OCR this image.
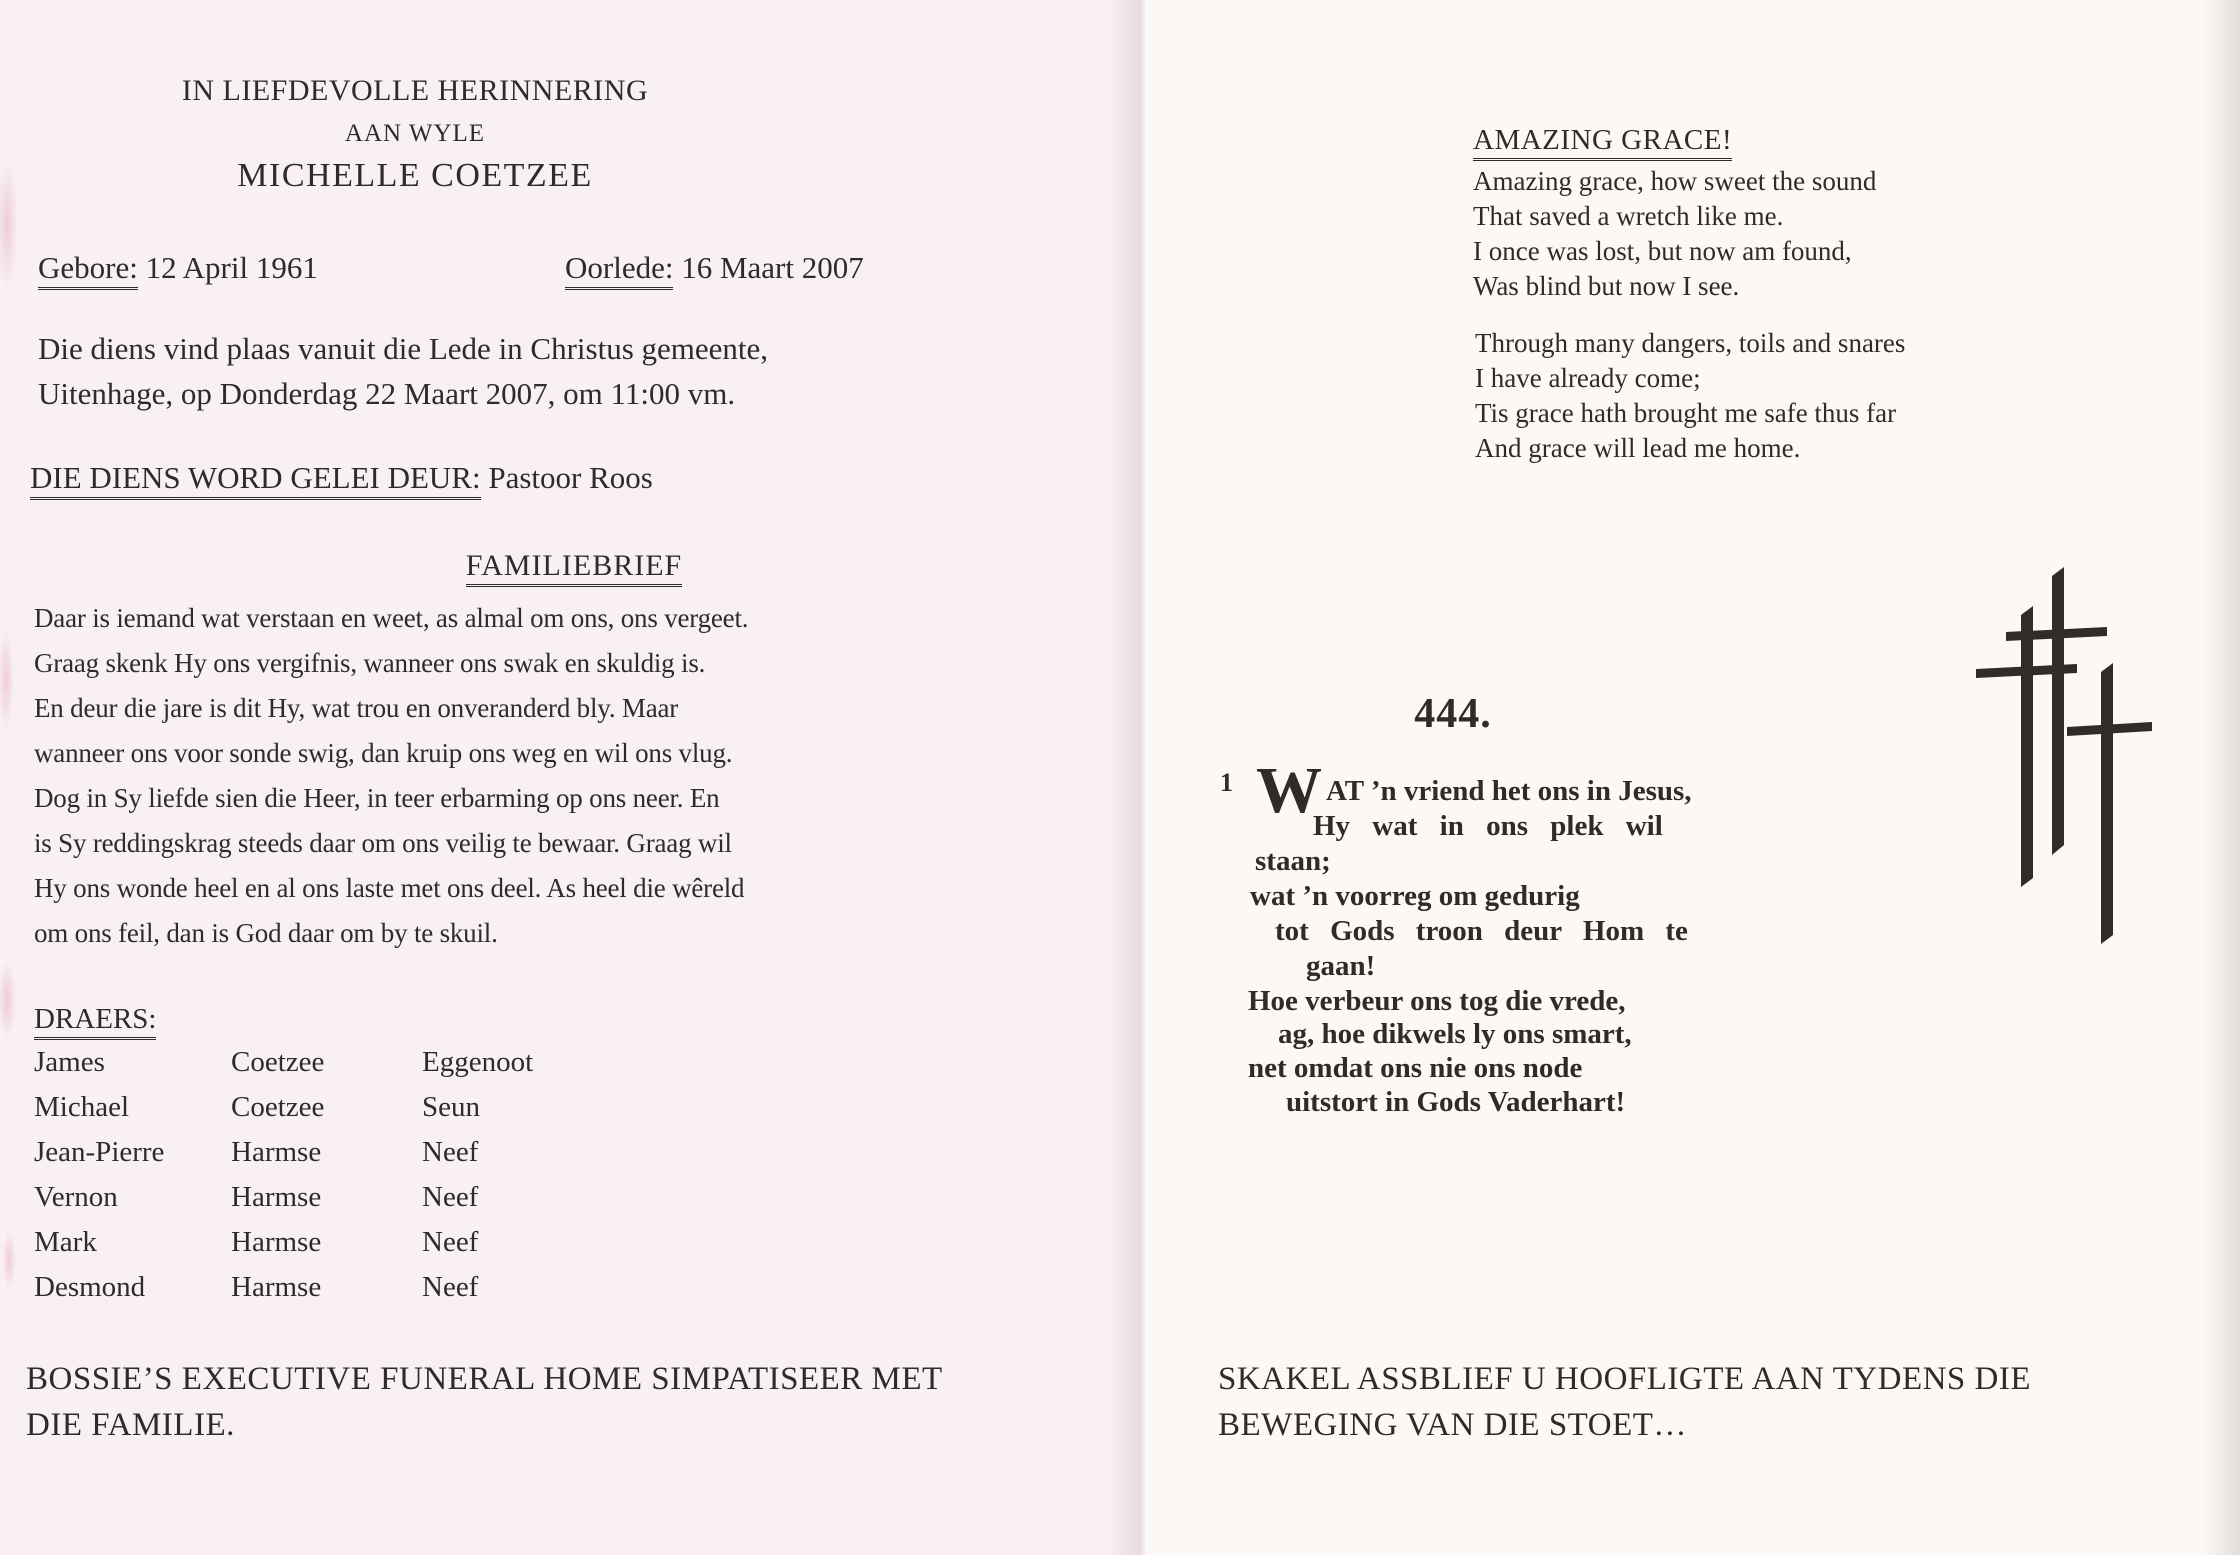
IN LIEFDEVOLLE HERINNERING
AAN WYLE
MICHELLE COETZEE
Gebore: 12 April 1961	Oorlede: 16 Maart 2007
Die diens vind plaas vanuit die Lede in Christus gemeente,
Uitenhage, op Donderdag 22 Maart 2007, om 11:00 vm.
DIE DIENS WORD GELEI DEUR: Pastoor Roos
FAMILIEBRIEF
Daar is iemand wat verstaan en weet, as almal om ons, ons vergeet.
Graag skenk Hy ons vergifnis, wanneer ons swak en skuldig is.
En deur die jare is dit Hy, wat trou en onveranderd bly. Maar
wanneer ons voor sonde swig, dan kruip ons weg en wil ons vlug.
Dog in Sy liefde sien die Heer, in teer erbarming op ons neer. En
is Sy reddingskrag steeds daar om ons veilig te bewaar. Graag wil
Hy ons wonde heel en al ons laste met ons deel. As heel die wêreld
om ons feil, dan is God daar om by te skuil.
DRAERS:
James	Coetzee	Eggenoot
Michael	Coetzee	Seun
Jean-Pierre	Harmse	Neef
Vernon	Harmse	Neef
Mark	Harmse	Neef
Desmond	Harmse	Neef
BOSSIE’S EXECUTIVE FUNERAL HOME SIMPATISEER MET
DIE FAMILIE.
AMAZING GRACE!
Amazing grace, how sweet the sound
That saved a wretch like me.
I once was lost, but now am found,
Was blind but now I see.
Through many dangers, toils and snares
I have already come;
Tis grace hath brought me safe thus far
And grace will lead me home.
444.
1 W AT ’n vriend het ons in Jesus,
Hy wat in ons plek wil
staan;
wat ’n voorreg om gedurig
tot Gods troon deur Hom te
gaan!
Hoe verbeur ons tog die vrede,
ag, hoe dikwels ly ons smart,
net omdat ons nie ons node
uitstort in Gods Vaderhart!
SKAKEL ASSBLIEF U HOOFLIGTE AAN TYDENS DIE
BEWEGING VAN DIE STOET…
